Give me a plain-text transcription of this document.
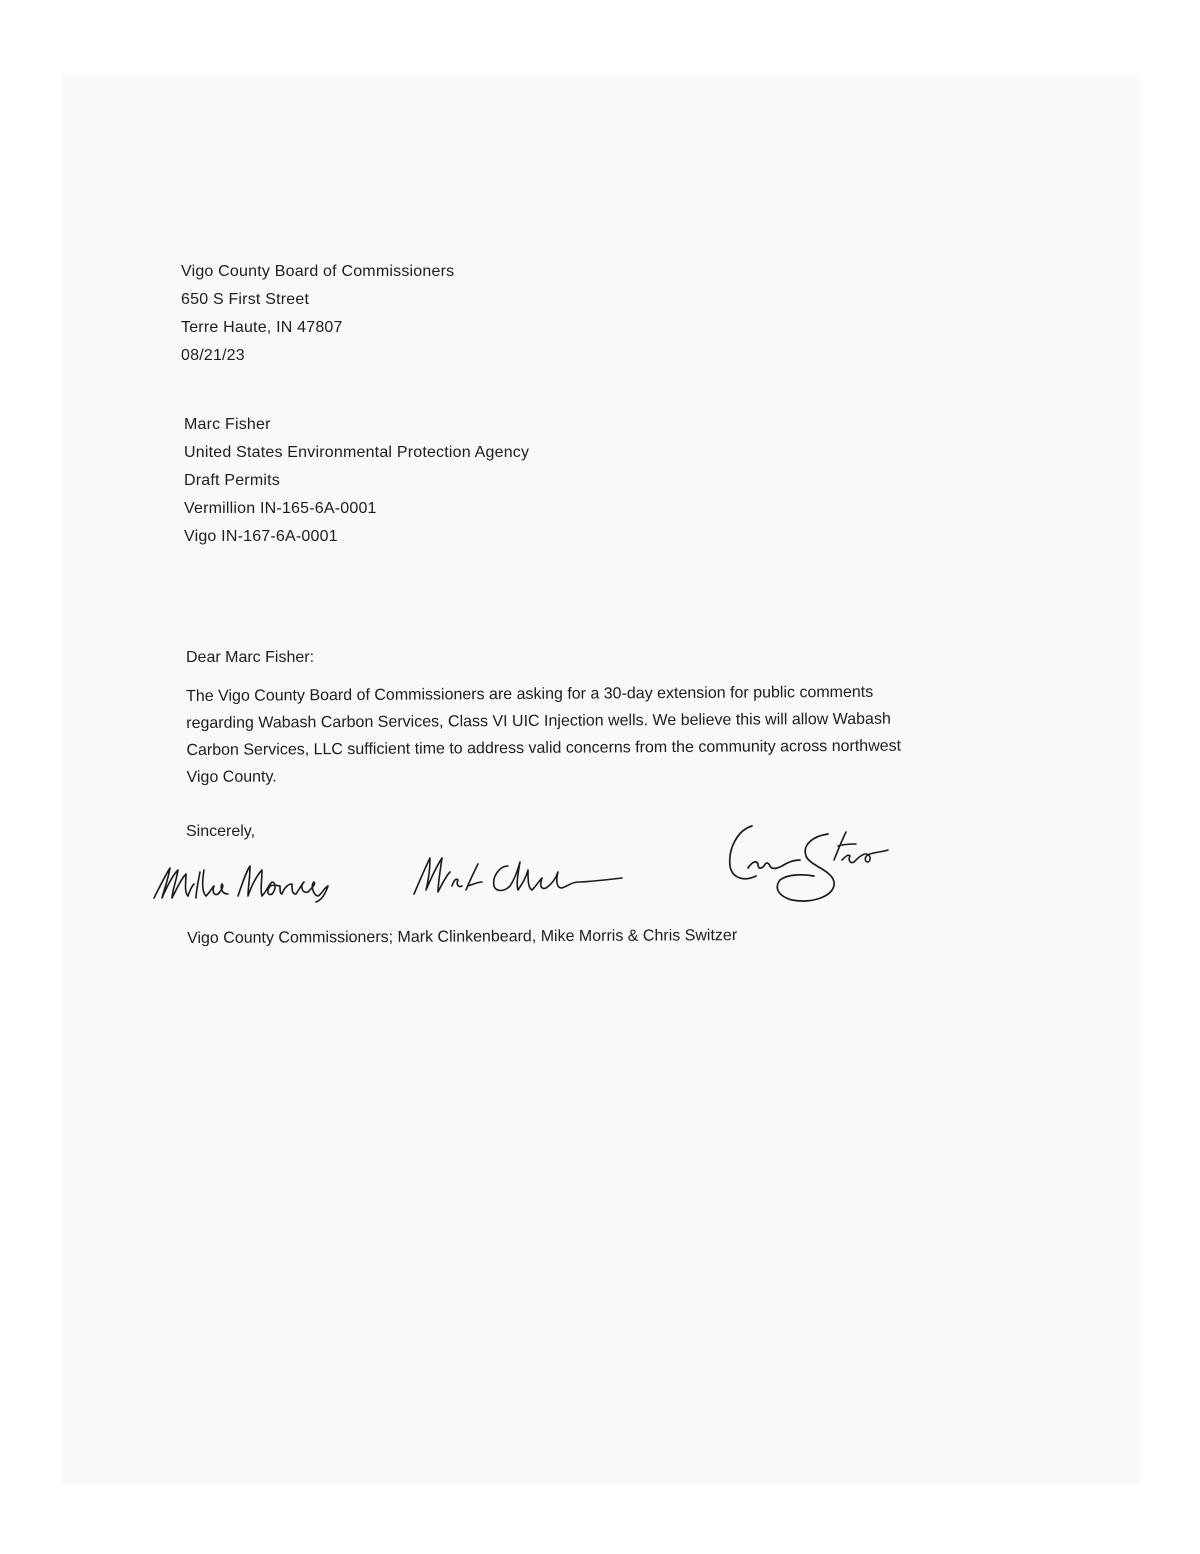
Vigo County Board of Commissioners
650 S First Street
Terre Haute, IN 47807
08/21/23
Marc Fisher
United States Environmental Protection Agency
Draft Permits
Vermillion IN-165-6A-0001
Vigo IN-167-6A-0001
Dear Marc Fisher:
The Vigo County Board of Commissioners are asking for a 30-day extension for public comments
regarding Wabash Carbon Services, Class VI UIC Injection wells. We believe this will allow Wabash
Carbon Services, LLC sufficient time to address valid concerns from the community across northwest
Vigo County.
Sincerely,
Vigo County Commissioners; Mark Clinkenbeard, Mike Morris & Chris Switzer
